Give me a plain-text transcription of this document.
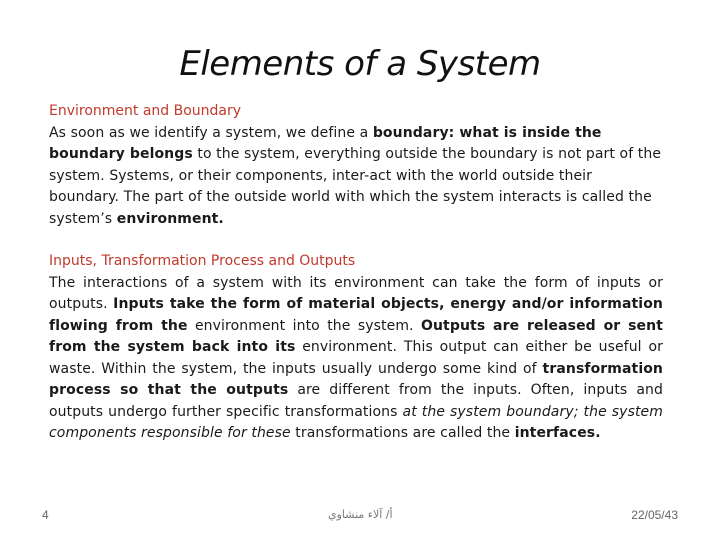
Elements of a System
Environment and Boundary

As soon as we identify a system, we define a boundary: what is inside the boundary belongs to the system, everything outside the boundary is not part of the system. Systems, or their components, inter-act with the world outside their boundary. The part of the outside world with which the system interacts is called the system’s environment.

Inputs, Transformation Process and Outputs

The interactions of a system with its environment can take the form of inputs or outputs. Inputs take the form of material objects, energy and/or information flowing from the environment into the system. Outputs are released or sent from the system back into its environment. This output can either be useful or waste. Within the system, the inputs usually undergo some kind of transformation process so that the outputs are different from the inputs. Often, inputs and outputs undergo further specific transformations at the system boundary; the system components responsible for these transformations are called the interfaces.

4	أ/ آلاء منشاوي	22/05/43
